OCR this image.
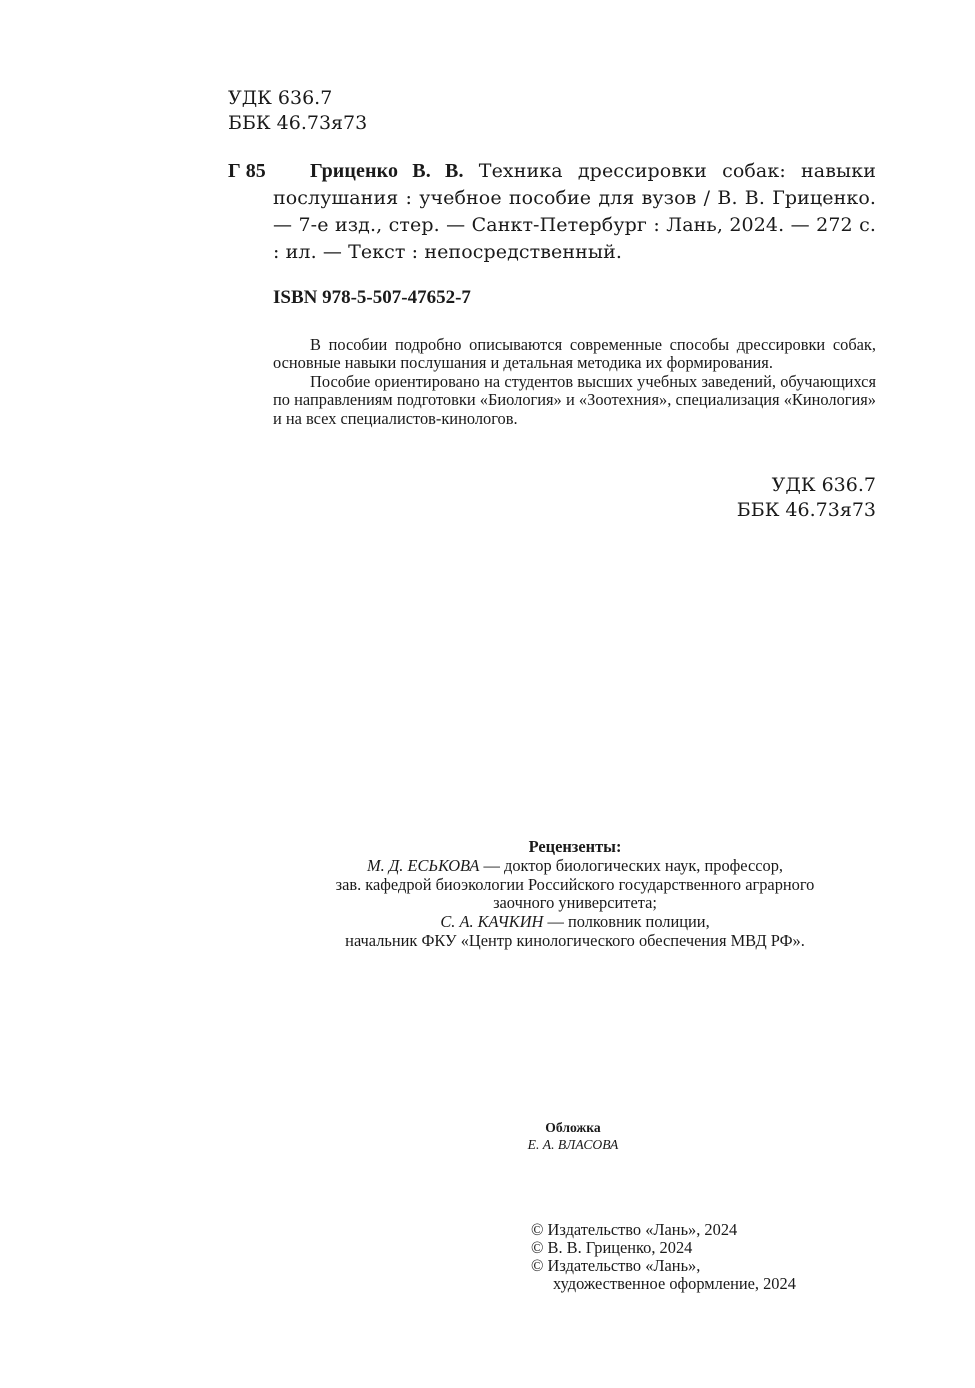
УДК 636.7
ББК 46.73я73
Г 85	Гриценко В. В. Техника дрессировки собак: навыки послушания : учебное пособие для вузов / В. В. Гриценко. — 7-е изд., стер. — Санкт-Петербург : Лань, 2024. — 272 с. : ил. — Текст : непосредственный.
ISBN 978-5-507-47652-7

В пособии подробно описываются современные способы дрессировки собак, основные навыки послушания и детальная методика их формирования.

Пособие ориентировано на студентов высших учебных заведений, обучающихся по направлениям подготовки «Биология» и «Зоотехния», специализация «Кинология» и на всех специалистов-кинологов.

УДК 636.7
ББК 46.73я73
Рецензенты:
М. Д. ЕСЬКОВА — доктор биологических наук, профессор,
зав. кафедрой биоэкологии Российского государственного аграрного
заочного университета;
С. А. КАЧКИН — полковник полиции,
начальник ФКУ «Центр кинологического обеспечения МВД РФ».
Обложка
Е. А. ВЛАСОВА
© Издательство «Лань», 2024
© В. В. Гриценко, 2024
© Издательство «Лань»,
художественное оформление, 2024
